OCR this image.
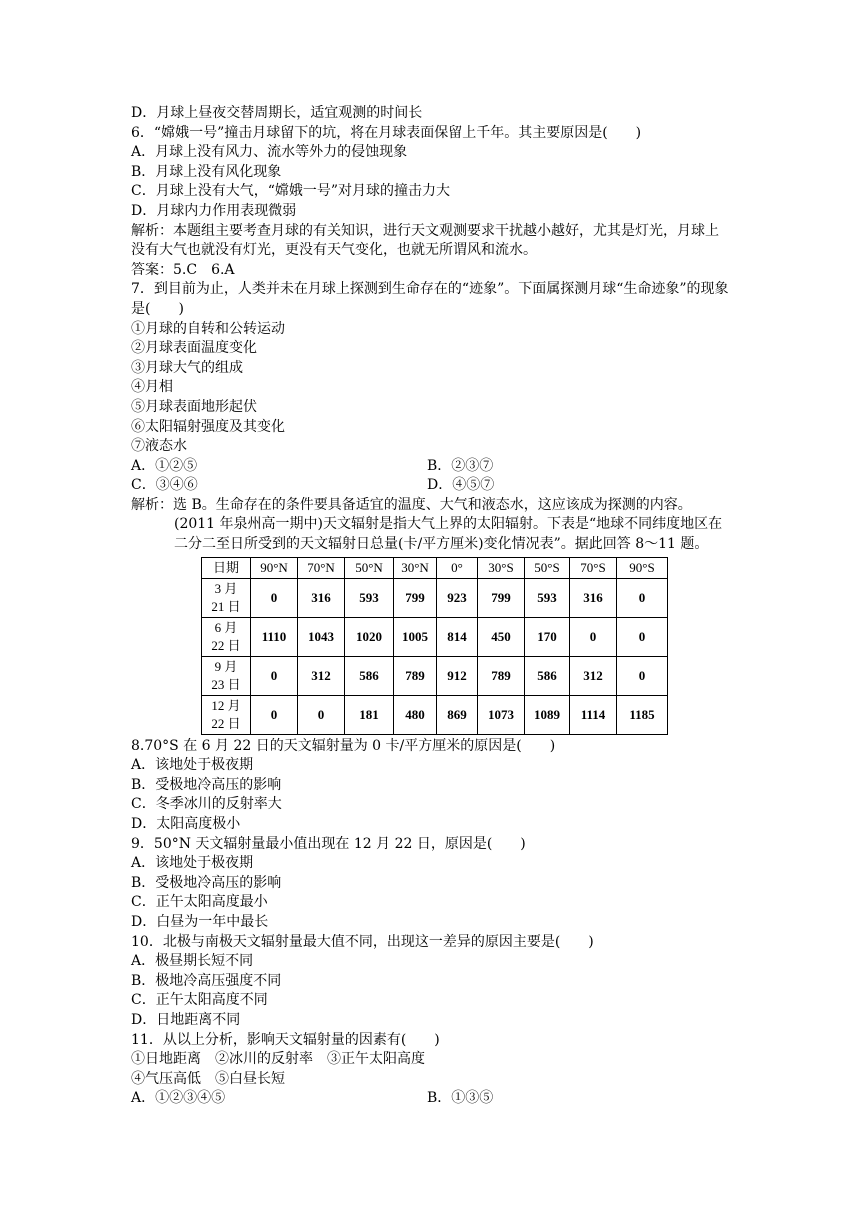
D．月球上昼夜交替周期长，适宜观测的时间长
6．“嫦娥一号”撞击月球留下的坑，将在月球表面保留上千年。其主要原因是(　　)
A．月球上没有风力、流水等外力的侵蚀现象
B．月球上没有风化现象
C．月球上没有大气，“嫦娥一号”对月球的撞击力大
D．月球内力作用表现微弱
解析：本题组主要考查月球的有关知识，进行天文观测要求干扰越小越好，尤其是灯光，月球上没有大气也就没有灯光，更没有天气变化，也就无所谓风和流水。
答案：5.C　6.A
7．到目前为止，人类并未在月球上探测到生命存在的“迹象”。下面属探测月球“生命迹象”的现象是(　　)
①月球的自转和公转运动
②月球表面温度变化
③月球大气的组成
④月相
⑤月球表面地形起伏
⑥太阳辐射强度及其变化
⑦液态水
A．①②⑤	B．②③⑦
C．③④⑥	D．④⑤⑦
解析：选 B。生命存在的条件要具备适宜的温度、大气和液态水，这应该成为探测的内容。
(2011 年泉州高一期中)天文辐射是指大气上界的太阳辐射。下表是“地球不同纬度地区在二分二至日所受到的天文辐射日总量(卡/平方厘米)变化情况表”。据此回答 8～11 题。
日期	90°N	70°N	50°N	30°N	0°	30°S	50°S	70°S	90°S
3 月
21 日	0	316	593	799	923	799	593	316	0
6 月
22 日	1110	1043	1020	1005	814	450	170	0	0
9 月
23 日	0	312	586	789	912	789	586	312	0
12 月
22 日	0	0	181	480	869	1073	1089	1114	1185
8.70°S 在 6 月 22 日的天文辐射量为 0 卡/平方厘米的原因是(　　)
A．该地处于极夜期
B．受极地冷高压的影响
C．冬季冰川的反射率大
D．太阳高度极小
9．50°N 天文辐射量最小值出现在 12 月 22 日，原因是(　　)
A．该地处于极夜期
B．受极地冷高压的影响
C．正午太阳高度最小
D．白昼为一年中最长
10．北极与南极天文辐射量最大值不同，出现这一差异的原因主要是(　　)
A．极昼期长短不同
B．极地冷高压强度不同
C．正午太阳高度不同
D．日地距离不同
11．从以上分析，影响天文辐射量的因素有(　　)
①日地距离　②冰川的反射率　③正午太阳高度
④气压高低　⑤白昼长短
A．①②③④⑤	B．①③⑤
